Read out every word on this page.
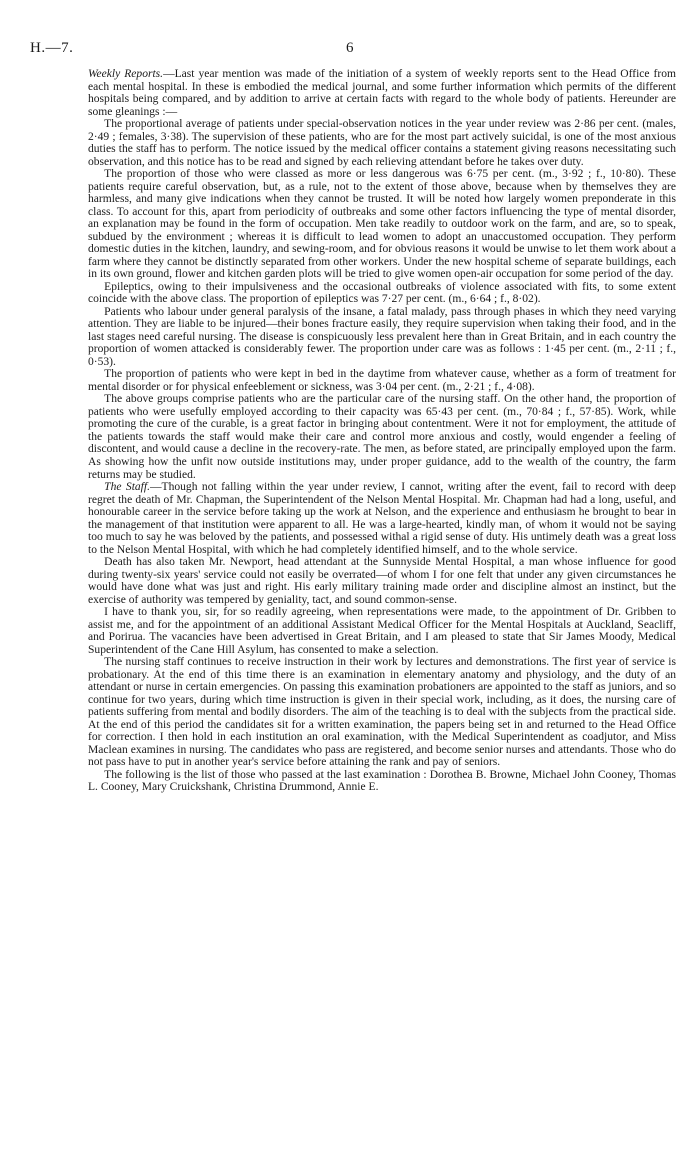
H.—7.	6

Weekly Reports.—Last year mention was made of the initiation of a system of weekly reports sent to the Head Office from each mental hospital. In these is embodied the medical journal, and some further information which permits of the different hospitals being compared, and by addition to arrive at certain facts with regard to the whole body of patients. Hereunder are some gleanings :—

The proportional average of patients under special-observation notices in the year under review was 2·86 per cent. (males, 2·49 ; females, 3·38). The supervision of these patients, who are for the most part actively suicidal, is one of the most anxious duties the staff has to perform. The notice issued by the medical officer contains a statement giving reasons necessitating such observation, and this notice has to be read and signed by each relieving attendant before he takes over duty.

The proportion of those who were classed as more or less dangerous was 6·75 per cent. (m., 3·92 ; f., 10·80). These patients require careful observation, but, as a rule, not to the extent of those above, because when by themselves they are harmless, and many give indications when they cannot be trusted. It will be noted how largely women preponderate in this class. To account for this, apart from periodicity of outbreaks and some other factors influencing the type of mental disorder, an explanation may be found in the form of occupation. Men take readily to outdoor work on the farm, and are, so to speak, subdued by the environment ; whereas it is difficult to lead women to adopt an unaccustomed occupation. They perform domestic duties in the kitchen, laundry, and sewing-room, and for obvious reasons it would be unwise to let them work about a farm where they cannot be distinctly separated from other workers. Under the new hospital scheme of separate buildings, each in its own ground, flower and kitchen garden plots will be tried to give women open-air occupation for some period of the day.

Epileptics, owing to their impulsiveness and the occasional outbreaks of violence associated with fits, to some extent coincide with the above class. The proportion of epileptics was 7·27 per cent. (m., 6·64 ; f., 8·02).

Patients who labour under general paralysis of the insane, a fatal malady, pass through phases in which they need varying attention. They are liable to be injured—their bones fracture easily, they require supervision when taking their food, and in the last stages need careful nursing. The disease is conspicuously less prevalent here than in Great Britain, and in each country the proportion of women attacked is considerably fewer. The proportion under care was as follows : 1·45 per cent. (m., 2·11 ; f., 0·53).

The proportion of patients who were kept in bed in the daytime from whatever cause, whether as a form of treatment for mental disorder or for physical enfeeblement or sickness, was 3·04 per cent. (m., 2·21 ; f., 4·08).

The above groups comprise patients who are the particular care of the nursing staff. On the other hand, the proportion of patients who were usefully employed according to their capacity was 65·43 per cent. (m., 70·84 ; f., 57·85). Work, while promoting the cure of the curable, is a great factor in bringing about contentment. Were it not for employment, the attitude of the patients towards the staff would make their care and control more anxious and costly, would engender a feeling of discontent, and would cause a decline in the recovery-rate. The men, as before stated, are principally employed upon the farm. As showing how the unfit now outside institutions may, under proper guidance, add to the wealth of the country, the farm returns may be studied.

The Staff.—Though not falling within the year under review, I cannot, writing after the event, fail to record with deep regret the death of Mr. Chapman, the Superintendent of the Nelson Mental Hospital. Mr. Chapman had had a long, useful, and honourable career in the service before taking up the work at Nelson, and the experience and enthusiasm he brought to bear in the management of that institution were apparent to all. He was a large-hearted, kindly man, of whom it would not be saying too much to say he was beloved by the patients, and possessed withal a rigid sense of duty. His untimely death was a great loss to the Nelson Mental Hospital, with which he had completely identified himself, and to the whole service.

Death has also taken Mr. Newport, head attendant at the Sunnyside Mental Hospital, a man whose influence for good during twenty-six years' service could not easily be overrated—of whom I for one felt that under any given circumstances he would have done what was just and right. His early military training made order and discipline almost an instinct, but the exercise of authority was tempered by geniality, tact, and sound common-sense.

I have to thank you, sir, for so readily agreeing, when representations were made, to the appointment of Dr. Gribben to assist me, and for the appointment of an additional Assistant Medical Officer for the Mental Hospitals at Auckland, Seacliff, and Porirua. The vacancies have been advertised in Great Britain, and I am pleased to state that Sir James Moody, Medical Superintendent of the Cane Hill Asylum, has consented to make a selection.

The nursing staff continues to receive instruction in their work by lectures and demonstrations. The first year of service is probationary. At the end of this time there is an examination in elementary anatomy and physiology, and the duty of an attendant or nurse in certain emergencies. On passing this examination probationers are appointed to the staff as juniors, and so continue for two years, during which time instruction is given in their special work, including, as it does, the nursing care of patients suffering from mental and bodily disorders. The aim of the teaching is to deal with the subjects from the practical side. At the end of this period the candidates sit for a written examination, the papers being set in and returned to the Head Office for correction. I then hold in each institution an oral examination, with the Medical Superintendent as coadjutor, and Miss Maclean examines in nursing. The candidates who pass are registered, and become senior nurses and attendants. Those who do not pass have to put in another year's service before attaining the rank and pay of seniors.

The following is the list of those who passed at the last examination : Dorothea B. Browne, Michael John Cooney, Thomas L. Cooney, Mary Cruickshank, Christina Drummond, Annie E.
